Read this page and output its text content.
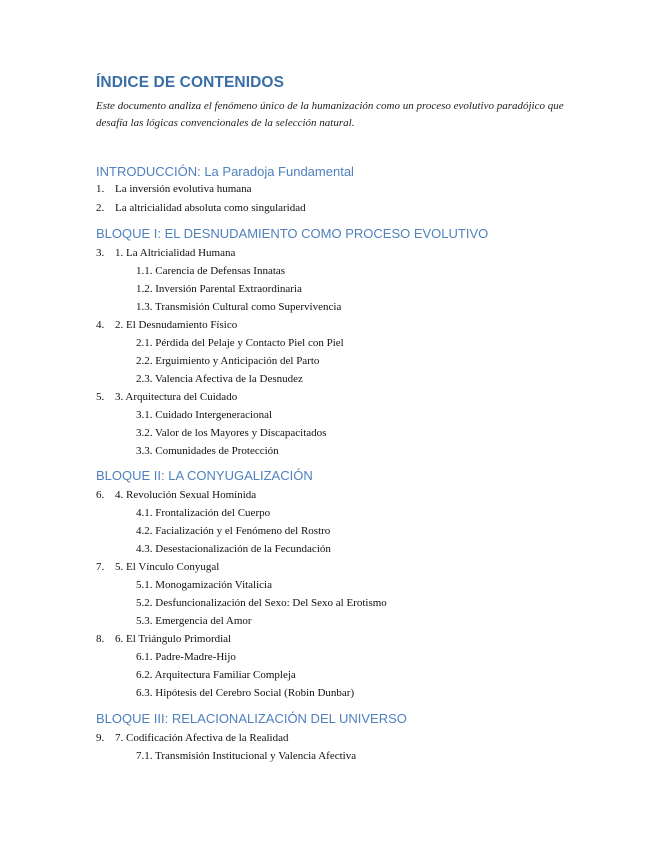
ÍNDICE DE CONTENIDOS
Este documento analiza el fenómeno único de la humanización como un proceso evolutivo paradójico que desafía las lógicas convencionales de la selección natural.
INTRODUCCIÓN: La Paradoja Fundamental
1. La inversión evolutiva humana
2. La altricialidad absoluta como singularidad
BLOQUE I: EL DESNUDAMIENTO COMO PROCESO EVOLUTIVO
3. 1. La Altricialidad Humana
1.1. Carencia de Defensas Innatas
1.2. Inversión Parental Extraordinaria
1.3. Transmisión Cultural como Supervivencia
4. 2. El Desnudamiento Físico
2.1. Pérdida del Pelaje y Contacto Piel con Piel
2.2. Erguimiento y Anticipación del Parto
2.3. Valencia Afectiva de la Desnudez
5. 3. Arquitectura del Cuidado
3.1. Cuidado Intergeneracional
3.2. Valor de los Mayores y Discapacitados
3.3. Comunidades de Protección
BLOQUE II: LA CONYUGALIZACIÓN
6. 4. Revolución Sexual Homínida
4.1. Frontalización del Cuerpo
4.2. Facialización y el Fenómeno del Rostro
4.3. Desestacionalización de la Fecundación
7. 5. El Vínculo Conyugal
5.1. Monogamización Vitalicia
5.2. Desfuncionalización del Sexo: Del Sexo al Erotismo
5.3. Emergencia del Amor
8. 6. El Triángulo Primordial
6.1. Padre-Madre-Hijo
6.2. Arquitectura Familiar Compleja
6.3. Hipótesis del Cerebro Social (Robin Dunbar)
BLOQUE III: RELACIONALIZACIÓN DEL UNIVERSO
9. 7. Codificación Afectiva de la Realidad
7.1. Transmisión Institucional y Valencia Afectiva
